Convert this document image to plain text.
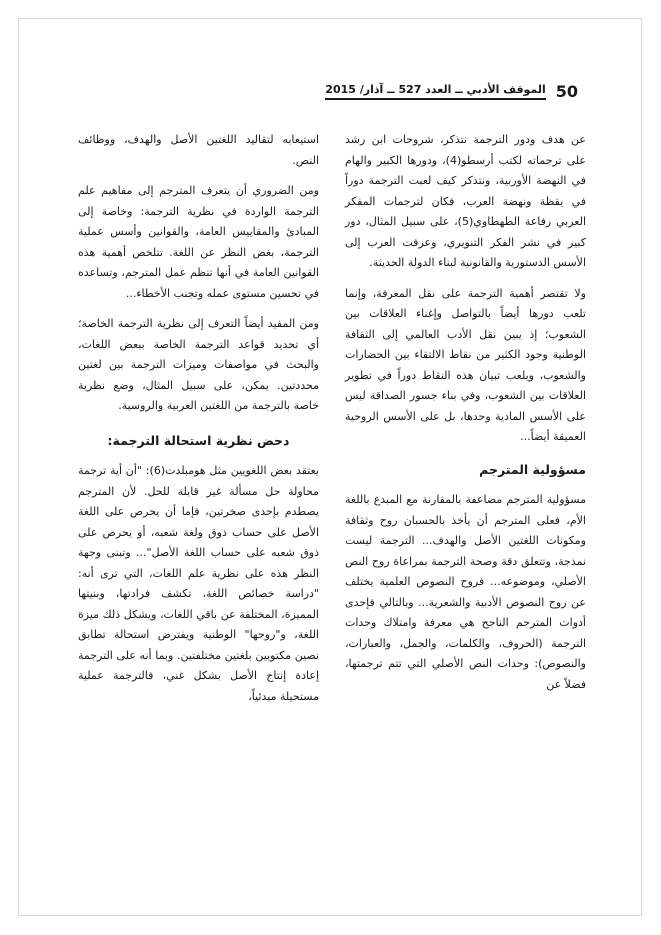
50
الموقف الأدبي ــ العدد 527 ــ آذار/ 2015

عن هدف ودور الترجمة نتذكر، شروحات ابن رشد على ترجماته لكتب أرسطو(4)، ودورها الكبير والهام في النهضة الأوربية، ونتذكر كيف لعبت الترجمة دوراً في يقظة ونهضة العرب، فكان لترجمات المفكر العربي رفاعة الطهطاوي(5)، على سبيل المثال، دور كبير في نشر الفكر التنويري، وعرفت العرب إلى الأسس الدستورية والقانونية لبناء الدولة الحديثة.

ولا تقتصر أهمية الترجمة على نقل المعرفة، وإنما تلعب دورها أيضاً بالتواصل وإغناء العلاقات بين الشعوب؛ إذ يبين نقل الأدب العالمي إلى الثقافة الوطنية وجود الكثير من نقاط الالتقاء بين الحضارات والشعوب، ويلعب تبيان هذه النقاط دوراً في تطوير العلاقات بين الشعوب، وفي بناء جسور الصداقة ليس على الأسس المادية وحدها، بل على الأسس الروحية العميقة أيضاً...

مسؤولية المترجم

مسؤولية المترجم مضاعفة بالمقارنة مع المبدع باللغة الأم، فعلى المترجم أن يأخذ بالحسبان روح وثقافة ومكونات اللغتين الأصل والهدف... الترجمة ليست نمذجة، وتتعلق دقة وصحة الترجمة بمراعاة روح النص الأصلي، وموضوعه... فروح النصوص العلمية يختلف عن روح النصوص الأدبية والشعرية... وبالتالي فإحدى أدوات المترجم الناجح هي معرفة وامتلاك وحدات الترجمة (الحروف، والكلمات، والجمل، والعبارات، والنصوص): وحدات النص الأصلي التي تتم ترجمتها، فضلاً عن

استيعابه لتقاليد اللغتين الأصل والهدف، ووظائف النص.

ومن الضروري أن يتعرف المترجم إلى مفاهيم علم الترجمة الواردة في نظرية الترجمة: وخاصة إلى المبادئ والمقاييس العامة، والقوانين وأسس عملية الترجمة، بغض النظر عن اللغة. تتلخص أهمية هذه القوانين العامة في أنها تنظم عمل المترجم، وتساعده في تحسين مستوى عمله وتجنب الأخطاء...

ومن المفيد أيضاً التعرف إلى نظرية الترجمة الخاصة؛ أي تحديد قواعد الترجمة الخاصة ببعض اللغات، والبحث في مواصفات وميزات الترجمة بين لغتين محددتين. يمكن، على سبيل المثال، وضع نظرية خاصة بالترجمة من اللغتين العربية والروسية.

دحض نظرية استحالة الترجمة:

يعتقد بعض اللغويين مثل هومبلدت(6): "أن أية ترجمة محاولة حل مسألة غير قابلة للحل. لأن المترجم يصطدم بإحدى صخرتين، فإما أن يحرص على اللغة الأصل على حساب ذوق ولغة شعبه، أو يحرص على ذوق شعبه على حساب اللغة الأصل"... وتبنى وجهة النظر هذه على نظرية علم اللغات، التي ترى أنه: "دراسة خصائص اللغة، تكشف فرادتها، وبنيتها المميزة، المختلفة عن باقي اللغات، ويشكل ذلك ميزة اللغة، و"روحها" الوطنية ويفترض استحالة تطابق نصين مكتوبين بلغتين مختلفتين. وبما أنه على الترجمة إعادة إنتاج الأصل بشكل غني، فالترجمة عملية مستحيلة مبدئياً،
